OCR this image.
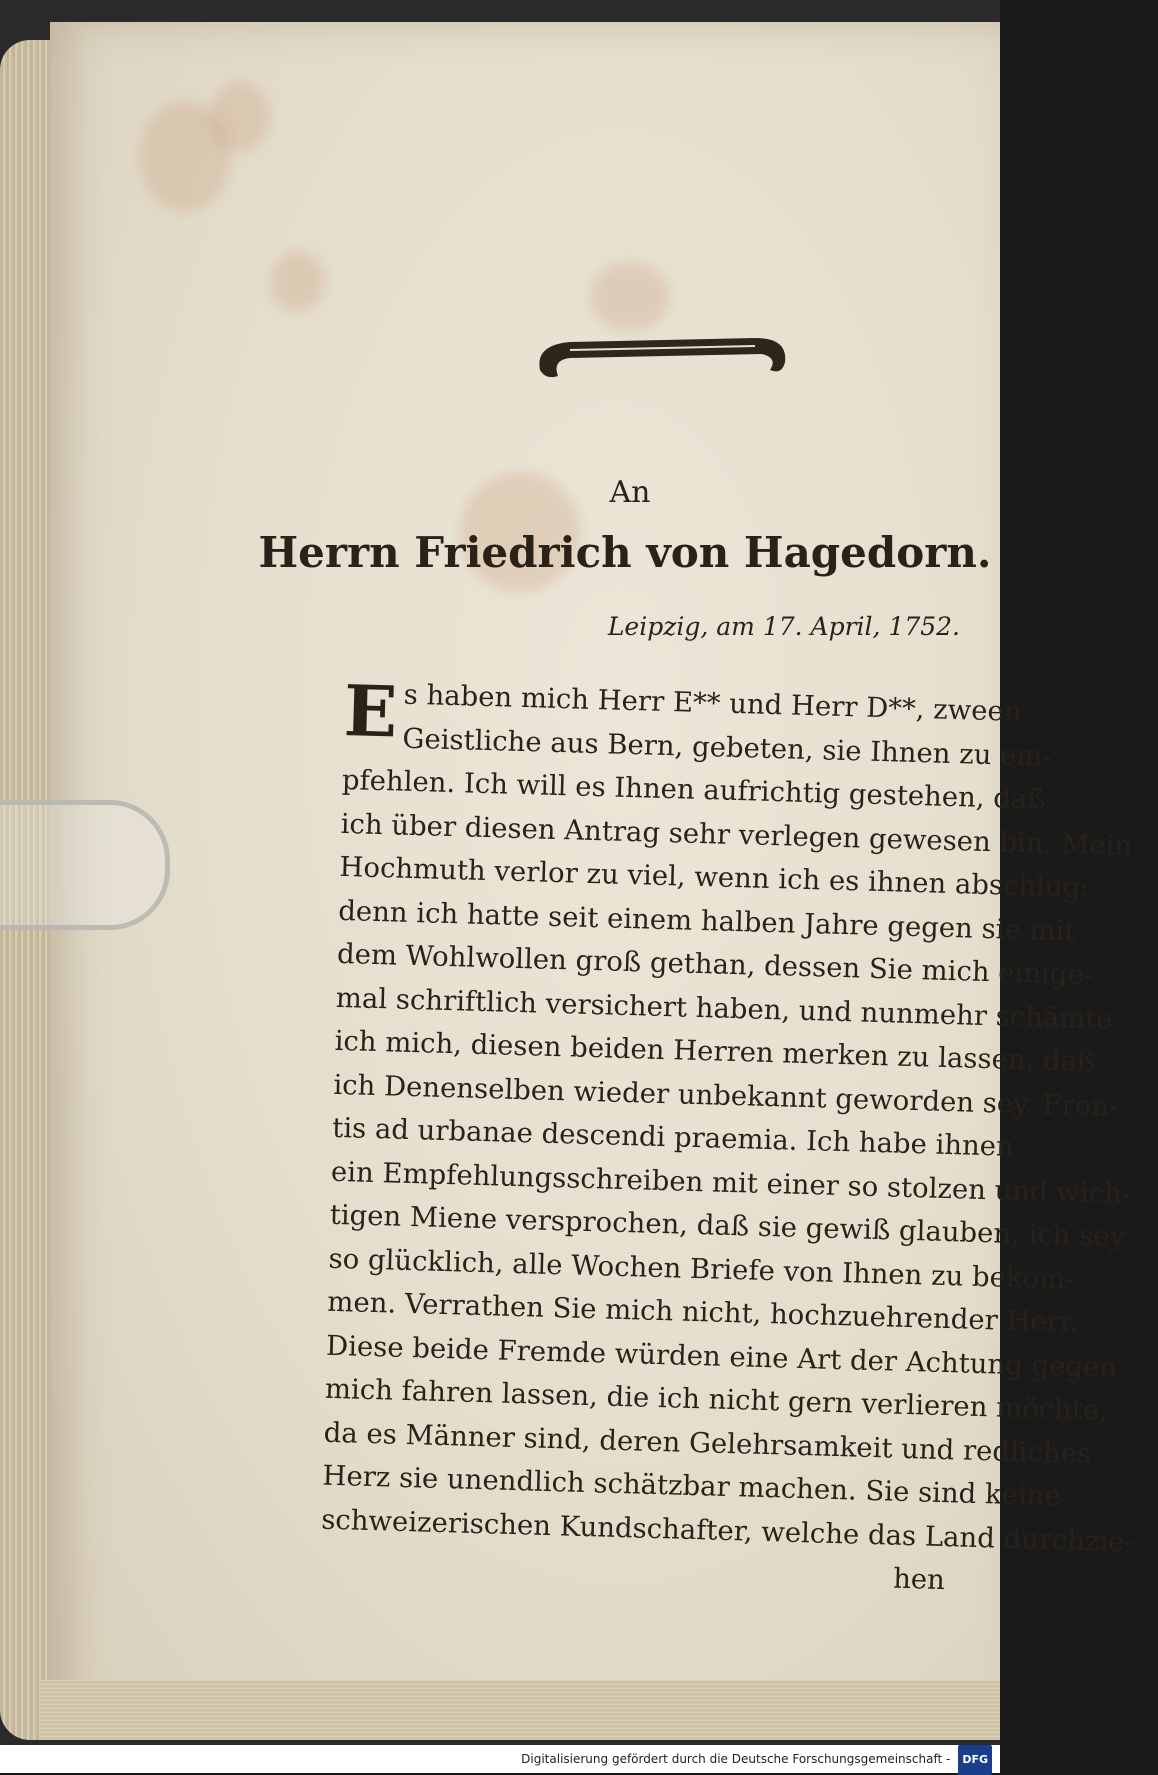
An
Herrn Friedrich von Hagedorn.
Leipzig, am 17. April, 1752.
E s haben mich Herr E** und Herr D**, zween
Geistliche aus Bern, gebeten, sie Ihnen zu em-
pfehlen. Ich will es Ihnen aufrichtig gestehen, daß
ich über diesen Antrag sehr verlegen gewesen bin. Mein
Hochmuth verlor zu viel, wenn ich es ihnen abschlug:
denn ich hatte seit einem halben Jahre gegen sie mit
dem Wohlwollen groß gethan, dessen Sie mich einige-
mal schriftlich versichert haben, und nunmehr schämte
ich mich, diesen beiden Herren merken zu lassen, daß
ich Denenselben wieder unbekannt geworden sey. Fron-
tis ad urbanae descendi praemia. Ich habe ihnen
ein Empfehlungsschreiben mit einer so stolzen und wich-
tigen Miene versprochen, daß sie gewiß glauben, ich sey
so glücklich, alle Wochen Briefe von Ihnen zu bekom-
men. Verrathen Sie mich nicht, hochzuehrender Herr.
Diese beide Fremde würden eine Art der Achtung gegen
mich fahren lassen, die ich nicht gern verlieren möchte,
da es Männer sind, deren Gelehrsamkeit und redliches
Herz sie unendlich schätzbar machen. Sie sind keine
schweizerischen Kundschafter, welche das Land durchzie-
hen
Digitalisierung gefördert durch die Deutsche Forschungsgemeinschaft - DFG
